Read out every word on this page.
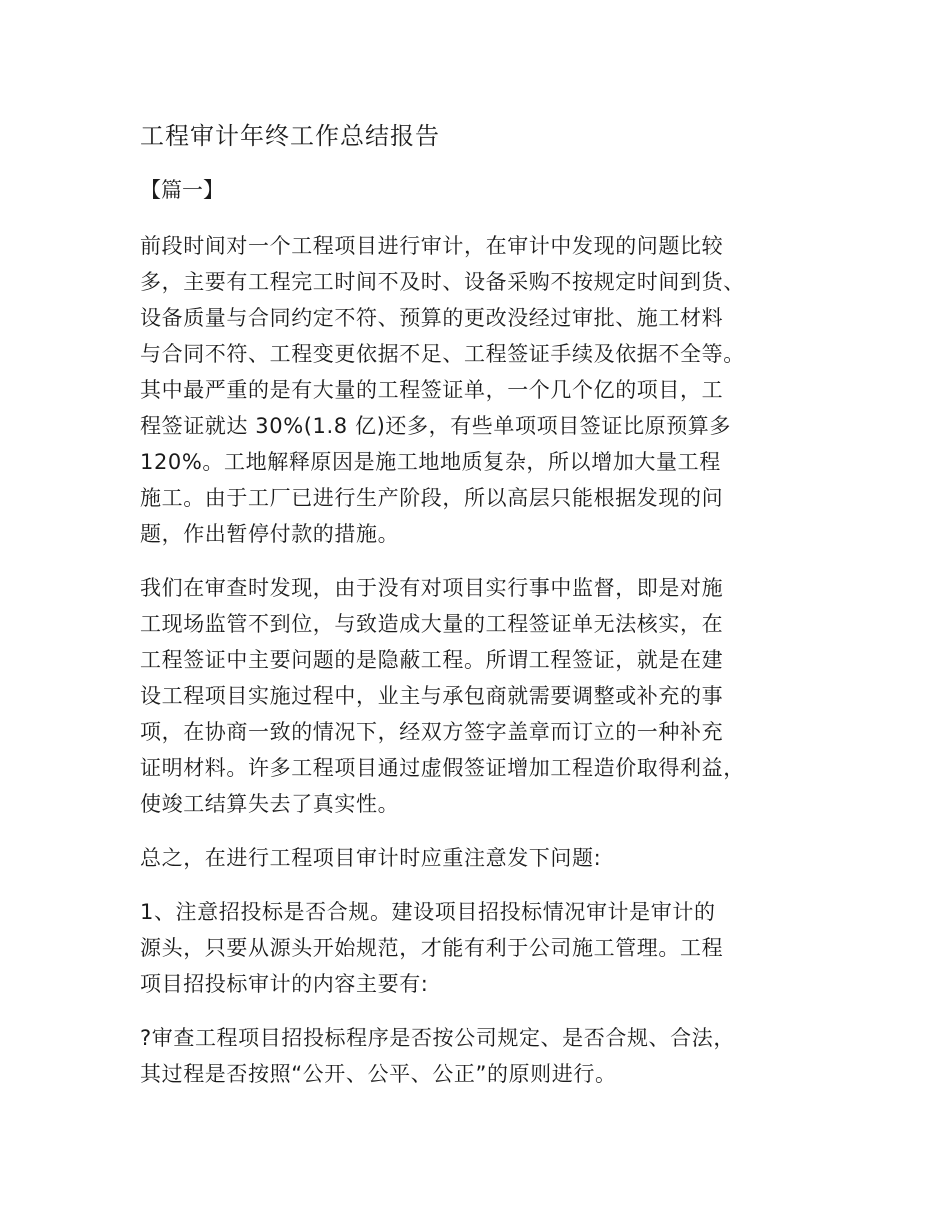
工程审计年终工作总结报告
【篇一】

前段时间对一个工程项目进行审计，在审计中发现的问题比较
多，主要有工程完工时间不及时、设备采购不按规定时间到货、
设备质量与合同约定不符、预算的更改没经过审批、施工材料
与合同不符、工程变更依据不足、工程签证手续及依据不全等。
其中最严重的是有大量的工程签证单，一个几个亿的项目，工
程签证就达 30%(1.8 亿)还多，有些单项项目签证比原预算多
120%。工地解释原因是施工地地质复杂，所以增加大量工程
施工。由于工厂已进行生产阶段，所以高层只能根据发现的问
题，作出暂停付款的措施。

我们在审查时发现，由于没有对项目实行事中监督，即是对施
工现场监管不到位，与致造成大量的工程签证单无法核实，在
工程签证中主要问题的是隐蔽工程。所谓工程签证，就是在建
设工程项目实施过程中，业主与承包商就需要调整或补充的事
项，在协商一致的情况下，经双方签字盖章而订立的一种补充
证明材料。许多工程项目通过虚假签证增加工程造价取得利益，
使竣工结算失去了真实性。

总之，在进行工程项目审计时应重注意发下问题:

1、注意招投标是否合规。建设项目招投标情况审计是审计的
源头，只要从源头开始规范，才能有利于公司施工管理。工程
项目招投标审计的内容主要有:

?审查工程项目招投标程序是否按公司规定、是否合规、合法，
其过程是否按照“公开、公平、公正”的原则进行。
